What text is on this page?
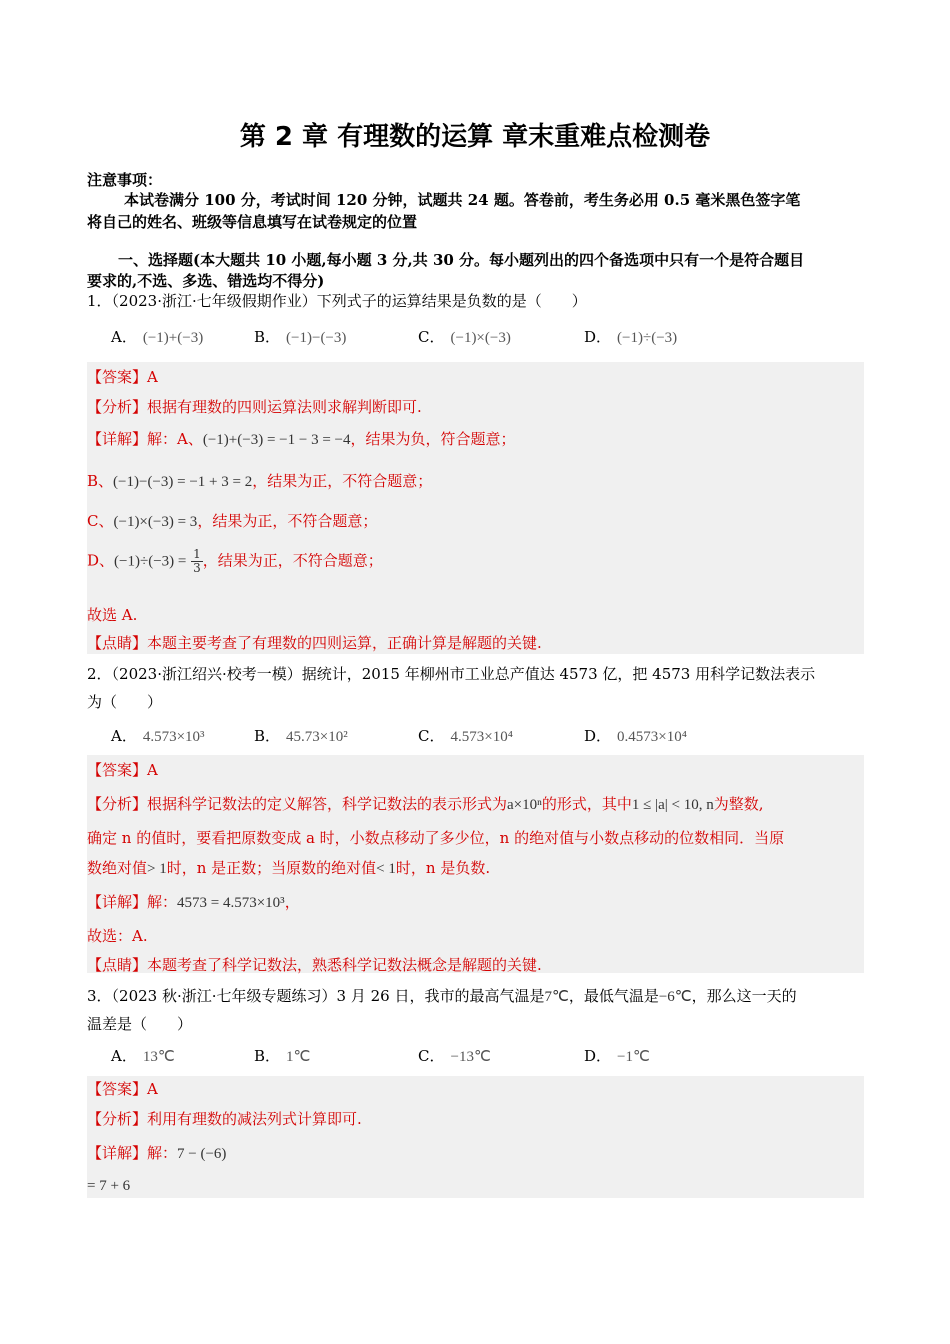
第 2 章 有理数的运算 章末重难点检测卷
注意事项：
本试卷满分 100 分，考试时间 120 分钟，试题共 24 题。答卷前，考生务必用 0.5 毫米黑色签字笔
将自己的姓名、班级等信息填写在试卷规定的位置
一、选择题(本大题共 10 小题,每小题 3 分,共 30 分。每小题列出的四个备选项中只有一个是符合题目
要求的,不选、多选、错选均不得分)
1．（2023·浙江·七年级假期作业）下列式子的运算结果是负数的是（　　）
A． (−1)+(−3)	B． (−1)−(−3)	C． (−1)×(−3)	D． (−1)÷(−3)
【答案】A
【分析】根据有理数的四则运算法则求解判断即可.
【详解】解：A、(−1)+(−3) = −1 − 3 = −4，结果为负，符合题意；
B、(−1)−(−3) = −1 + 3 = 2，结果为正，不符合题意；
C、(−1)×(−3) = 3，结果为正，不符合题意；
D、$(-1)\div(-3) = \frac{1}{3}$ ，结果为正，不符合题意；
故选 A.
【点睛】本题主要考查了有理数的四则运算，正确计算是解题的关键.
2．（2023·浙江绍兴·校考一模）据统计，2015 年柳州市工业总产值达 4573 亿，把 4573 用科学记数法表示
为（　　）
A． 4.573×10³	B． 45.73×10²	C． 4.573×10⁴	D． 0.4573×10⁴
【答案】A
【分析】根据科学记数法的定义解答，科学记数法的表示形式为a×10ⁿ的形式，其中1 ≤ |a| < 10, n为整数,
确定 n 的值时，要看把原数变成 a 时，小数点移动了多少位，n 的绝对值与小数点移动的位数相同．当原
数绝对值> 1时，n 是正数；当原数的绝对值< 1时，n 是负数.
【详解】解：4573 = 4.573×10³，
故选：A.
【点睛】本题考查了科学记数法，熟悉科学记数法概念是解题的关键.
3．（2023 秋·浙江·七年级专题练习）3 月 26 日，我市的最高气温是7℃，最低气温是−6℃，那么这一天的
温差是（　　）
A． 13℃	B． 1℃	C． −13℃	D． −1℃
【答案】A
【分析】利用有理数的减法列式计算即可.
【详解】解：7 − (−6)
= 7 + 6
